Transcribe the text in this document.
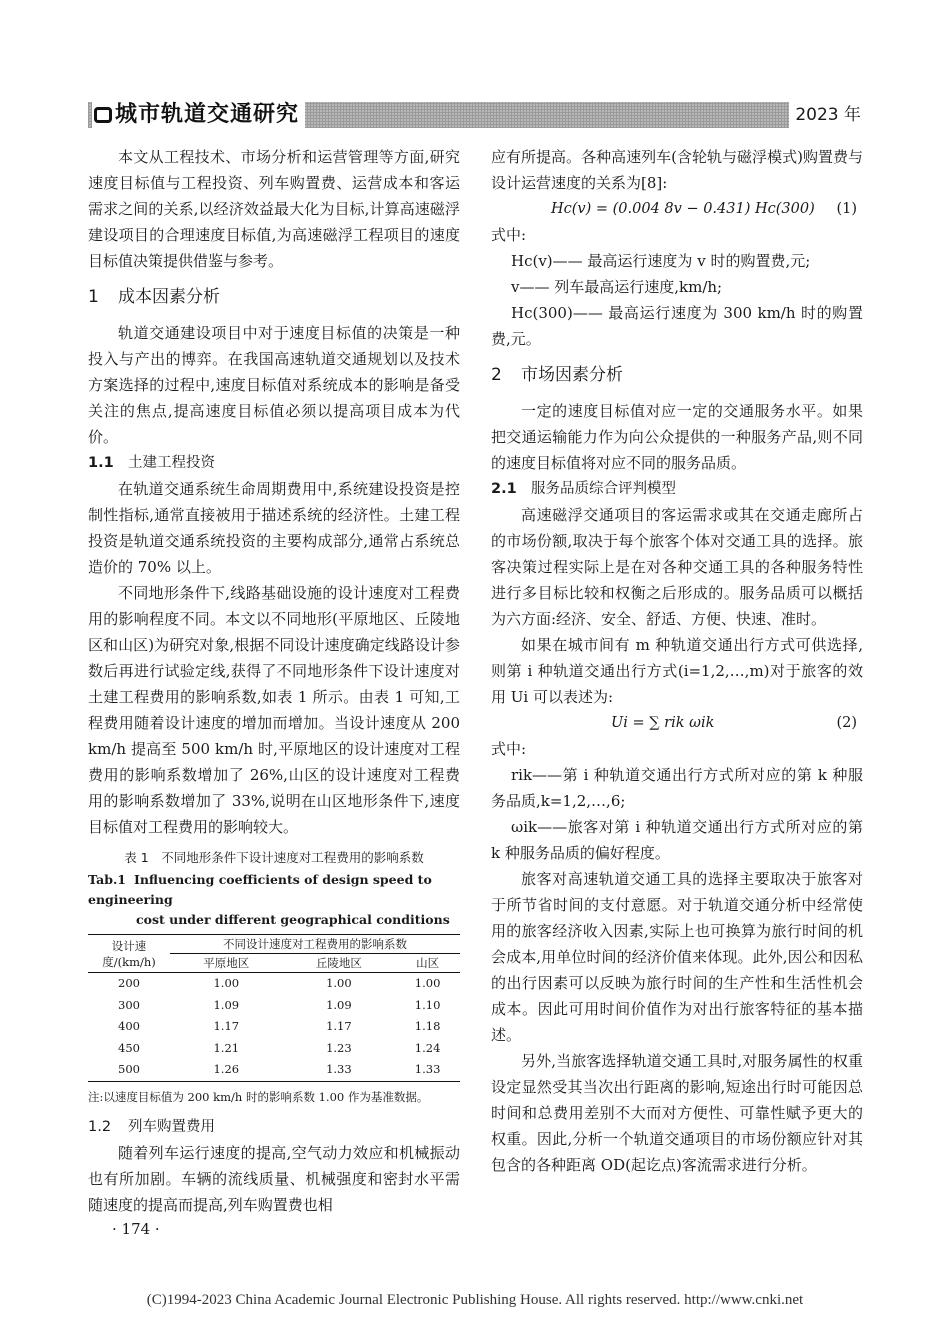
城市轨道交通研究	2023 年

本文从工程技术、市场分析和运营管理等方面,研究速度目标值与工程投资、列车购置费、运营成本和客运需求之间的关系,以经济效益最大化为目标,计算高速磁浮建设项目的合理速度目标值,为高速磁浮工程项目的速度目标值决策提供借鉴与参考。

1 成本因素分析

轨道交通建设项目中对于速度目标值的决策是一种投入与产出的博弈。在我国高速轨道交通规划以及技术方案选择的过程中,速度目标值对系统成本的影响是备受关注的焦点,提高速度目标值必须以提高项目成本为代价。

1.1 土建工程投资

在轨道交通系统生命周期费用中,系统建设投资是控制性指标,通常直接被用于描述系统的经济性。土建工程投资是轨道交通系统投资的主要构成部分,通常占系统总造价的 70% 以上。

不同地形条件下,线路基础设施的设计速度对工程费用的影响程度不同。本文以不同地形(平原地区、丘陵地区和山区)为研究对象,根据不同设计速度确定线路设计参数后再进行试验定线,获得了不同地形条件下设计速度对土建工程费用的影响系数,如表 1 所示。由表 1 可知,工程费用随着设计速度的增加而增加。当设计速度从 200 km/h 提高至 500 km/h 时,平原地区的设计速度对工程费用的影响系数增加了 26%,山区的设计速度对工程费用的影响系数增加了 33%,说明在山区地形条件下,速度目标值对工程费用的影响较大。

表 1　不同地形条件下设计速度对工程费用的影响系数
Tab.1 Influencing coefficients of design speed to engineering
cost under different geographical conditions
设计速度/(km/h)	不同设计速度对工程费用的影响系数		
	平原地区	丘陵地区	山区
200	1.00	1.00	1.00
300	1.09	1.09	1.10
400	1.17	1.17	1.18
450	1.21	1.23	1.24
500	1.26	1.33	1.33
注:以速度目标值为 200 km/h 时的影响系数 1.00 作为基准数据。
1.2 列车购置费用

随着列车运行速度的提高,空气动力效应和机械振动也有所加剧。车辆的流线质量、机械强度和密封水平需随速度的提高而提高,列车购置费也相

应有所提高。各种高速列车(含轮轨与磁浮模式)购置费与设计运营速度的关系为[8]:

Hc(v) = (0.004 8v − 0.431) Hc(300) (1)

式中:

Hc(v)—— 最高运行速度为 v 时的购置费,元;

v—— 列车最高运行速度,km/h;

Hc(300)—— 最高运行速度为 300 km/h 时的购置费,元。

2 市场因素分析

一定的速度目标值对应一定的交通服务水平。如果把交通运输能力作为向公众提供的一种服务产品,则不同的速度目标值将对应不同的服务品质。

2.1 服务品质综合评判模型

高速磁浮交通项目的客运需求或其在交通走廊所占的市场份额,取决于每个旅客个体对交通工具的选择。旅客决策过程实际上是在对各种交通工具的各种服务特性进行多目标比较和权衡之后形成的。服务品质可以概括为六方面:经济、安全、舒适、方便、快速、准时。

如果在城市间有 m 种轨道交通出行方式可供选择,则第 i 种轨道交通出行方式(i=1,2,…,m)对于旅客的效用 Ui 可以表述为:

Ui = ∑ rik ωik	(2)

式中:

rik——第 i 种轨道交通出行方式所对应的第 k 种服务品质,k=1,2,…,6;

ωik——旅客对第 i 种轨道交通出行方式所对应的第 k 种服务品质的偏好程度。

旅客对高速轨道交通工具的选择主要取决于旅客对于所节省时间的支付意愿。对于轨道交通分析中经常使用的旅客经济收入因素,实际上也可换算为旅行时间的机会成本,用单位时间的经济价值来体现。此外,因公和因私的出行因素可以反映为旅行时间的生产性和生活性机会成本。因此可用时间价值作为对出行旅客特征的基本描述。

另外,当旅客选择轨道交通工具时,对服务属性的权重设定显然受其当次出行距离的影响,短途出行时可能因总时间和总费用差别不大而对方便性、可靠性赋予更大的权重。因此,分析一个轨道交通项目的市场份额应针对其包含的各种距离 OD(起讫点)客流需求进行分析。

· 174 ·
(C)1994-2023 China Academic Journal Electronic Publishing House. All rights reserved. http://www.cnki.net
